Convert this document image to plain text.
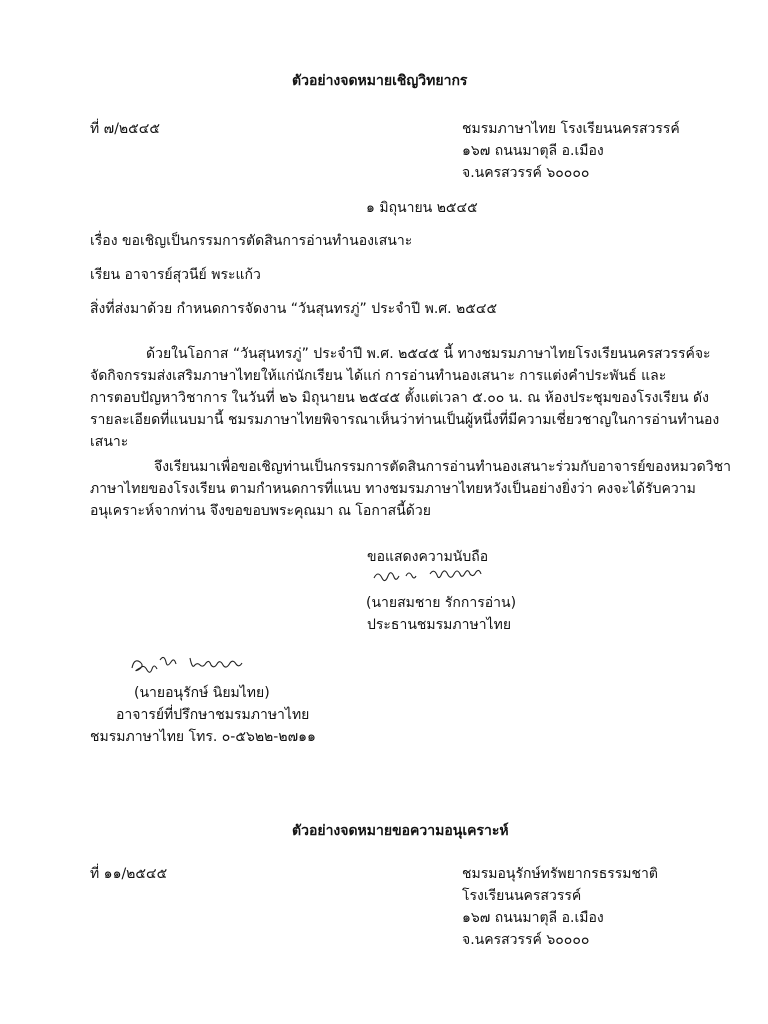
ตัวอย่างจดหมายเชิญวิทยากร
ที่ ๗/๒๕๔๕	ชมรมภาษาไทย โรงเรียนนครสวรรค์
๑๖๗ ถนนมาตุลี อ.เมือง
จ.นครสวรรค์ ๖๐๐๐๐
๑ มิถุนายน ๒๕๔๕
เรื่อง ขอเชิญเป็นกรรมการตัดสินการอ่านทำนองเสนาะ
เรียน อาจารย์สุวนีย์ พระแก้ว
สิ่งที่ส่งมาด้วย กำหนดการจัดงาน “วันสุนทรภู่” ประจำปี พ.ศ. ๒๕๔๕
ด้วยในโอกาส “วันสุนทรภู่” ประจำปี พ.ศ. ๒๕๔๕ นี้ ทางชมรมภาษาไทยโรงเรียนนครสวรรค์จะ
จัดกิจกรรมส่งเสริมภาษาไทยให้แก่นักเรียน ได้แก่ การอ่านทำนองเสนาะ การแต่งคำประพันธ์ และ
การตอบปัญหาวิชาการ ในวันที่ ๒๖ มิถุนายน ๒๕๔๕ ตั้งแต่เวลา ๕.๐๐ น. ณ ห้องประชุมของโรงเรียน ดัง
รายละเอียดที่แนบมานี้ ชมรมภาษาไทยพิจารณาเห็นว่าท่านเป็นผู้หนึ่งที่มีความเชี่ยวชาญในการอ่านทำนอง
เสนาะ
จึงเรียนมาเพื่อขอเชิญท่านเป็นกรรมการตัดสินการอ่านทำนองเสนาะร่วมกับอาจารย์ของหมวดวิชา
ภาษาไทยของโรงเรียน ตามกำหนดการที่แนบ ทางชมรมภาษาไทยหวังเป็นอย่างยิ่งว่า คงจะได้รับความ
อนุเคราะห์จากท่าน จึงขอขอบพระคุณมา ณ โอกาสนี้ด้วย
ขอแสดงความนับถือ
(นายสมชาย รักการอ่าน)
ประธานชมรมภาษาไทย
(นายอนุรักษ์ นิยมไทย)
อาจารย์ที่ปรึกษาชมรมภาษาไทย
ชมรมภาษาไทย โทร. ๐-๕๖๒๒-๒๗๑๑
ตัวอย่างจดหมายขอความอนุเคราะห์
ที่ ๑๑/๒๕๔๕	ชมรมอนุรักษ์ทรัพยากรธรรมชาติ
โรงเรียนนครสวรรค์
๑๖๗ ถนนมาตุลี อ.เมือง
จ.นครสวรรค์ ๖๐๐๐๐
